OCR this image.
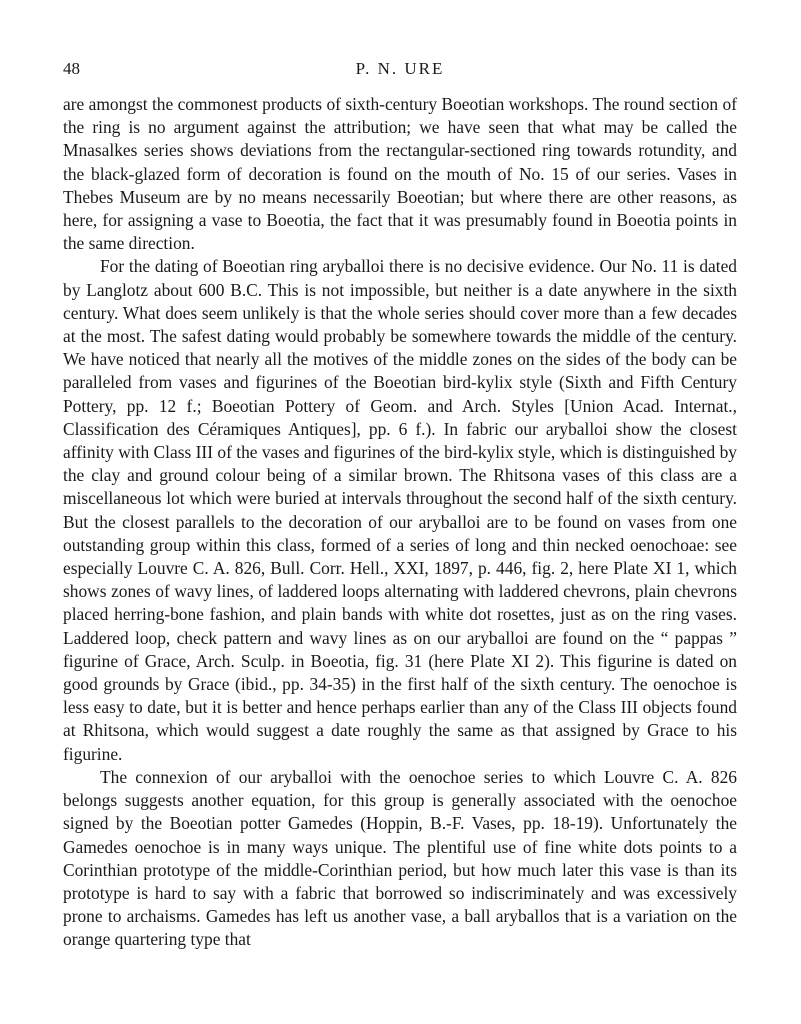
48	P. N. URE

are amongst the commonest products of sixth-century Boeotian workshops. The round section of the ring is no argument against the attribution; we have seen that what may be called the Mnasalkes series shows deviations from the rectangular-sectioned ring towards rotundity, and the black-glazed form of decoration is found on the mouth of No. 15 of our series. Vases in Thebes Museum are by no means necessarily Boeotian; but where there are other reasons, as here, for assigning a vase to Boeotia, the fact that it was presumably found in Boeotia points in the same direction.

For the dating of Boeotian ring aryballoi there is no decisive evidence. Our No. 11 is dated by Langlotz about 600 B.C. This is not impossible, but neither is a date anywhere in the sixth century. What does seem unlikely is that the whole series should cover more than a few decades at the most. The safest dating would probably be somewhere towards the middle of the century. We have noticed that nearly all the motives of the middle zones on the sides of the body can be paralleled from vases and figurines of the Boeotian bird-kylix style (Sixth and Fifth Century Pottery, pp. 12 f.; Boeotian Pottery of Geom. and Arch. Styles [Union Acad. Internat., Classification des Céramiques Antiques], pp. 6 f.). In fabric our aryballoi show the closest affinity with Class III of the vases and figurines of the bird-kylix style, which is distinguished by the clay and ground colour being of a similar brown. The Rhitsona vases of this class are a miscellaneous lot which were buried at intervals throughout the second half of the sixth century. But the closest parallels to the decoration of our aryballoi are to be found on vases from one outstanding group within this class, formed of a series of long and thin necked oenochoae: see especially Louvre C. A. 826, Bull. Corr. Hell., XXI, 1897, p. 446, fig. 2, here Plate XI 1, which shows zones of wavy lines, of laddered loops alternating with laddered chevrons, plain chevrons placed herring-bone fashion, and plain bands with white dot rosettes, just as on the ring vases. Laddered loop, check pattern and wavy lines as on our aryballoi are found on the “ pappas ” figurine of Grace, Arch. Sculp. in Boeotia, fig. 31 (here Plate XI 2). This figurine is dated on good grounds by Grace (ibid., pp. 34-35) in the first half of the sixth century. The oenochoe is less easy to date, but it is better and hence perhaps earlier than any of the Class III objects found at Rhitsona, which would suggest a date roughly the same as that assigned by Grace to his figurine.

The connexion of our aryballoi with the oenochoe series to which Louvre C. A. 826 belongs suggests another equation, for this group is generally associated with the oenochoe signed by the Boeotian potter Gamedes (Hoppin, B.-F. Vases, pp. 18-19). Unfortunately the Gamedes oenochoe is in many ways unique. The plentiful use of fine white dots points to a Corinthian prototype of the middle-Corinthian period, but how much later this vase is than its prototype is hard to say with a fabric that borrowed so indiscriminately and was excessively prone to archaisms. Gamedes has left us another vase, a ball aryballos that is a variation on the orange quartering type that
